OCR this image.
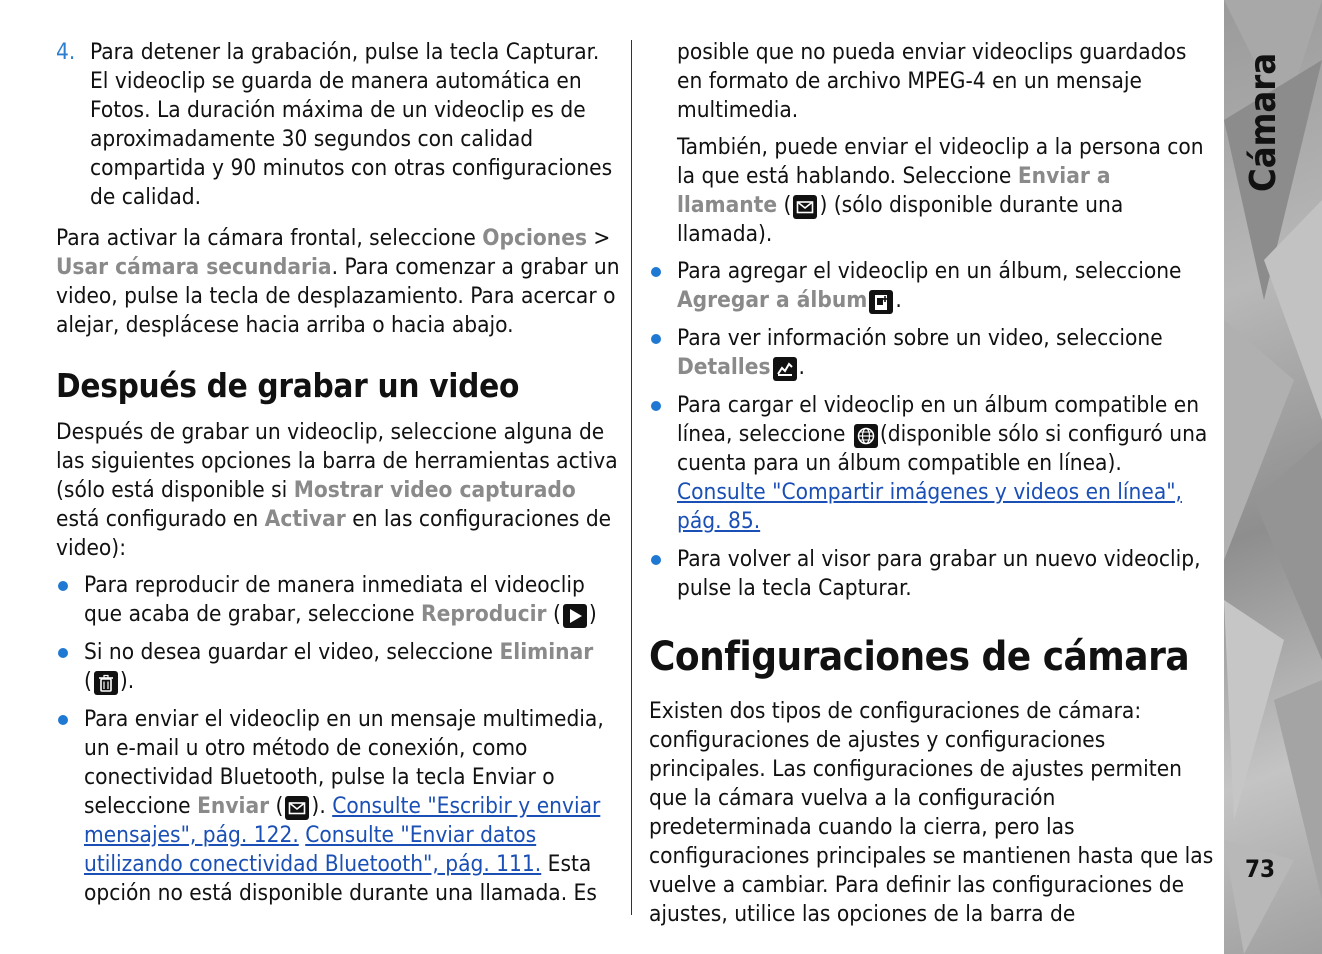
4. Para detener la grabación, pulse la tecla Capturar. El videoclip se guarda de manera automática en Fotos. La duración máxima de un videoclip es de aproximadamente 30 segundos con calidad compartida y 90 minutos con otras configuraciones de calidad.

Para activar la cámara frontal, seleccione Opciones > Usar cámara secundaria. Para comenzar a grabar un video, pulse la tecla de desplazamiento. Para acercar o alejar, desplácese hacia arriba o hacia abajo.

Después de grabar un video

Después de grabar un videoclip, seleccione alguna de las siguientes opciones la barra de herramientas activa (sólo está disponible si Mostrar video capturado está configurado en Activar en las configuraciones de video):

Para reproducir de manera inmediata el videoclip que acaba de grabar, seleccione Reproducir ( )
Si no desea guardar el video, seleccione Eliminar
( ).
Para enviar el videoclip en un mensaje multimedia, un e-mail u otro método de conexión, como conectividad Bluetooth, pulse la tecla Enviar o seleccione Enviar ( ). Consulte "Escribir y enviar mensajes", pág. 122. Consulte "Enviar datos utilizando conectividad Bluetooth", pág. 111. Esta opción no está disponible durante una llamada. Es

posible que no pueda enviar videoclips guardados en formato de archivo MPEG-4 en un mensaje multimedia.

También, puede enviar el videoclip a la persona con la que está hablando. Seleccione Enviar a llamante ( ) (sólo disponible durante una llamada).

Para agregar el videoclip en un álbum, seleccione Agregar a álbum .
Para ver información sobre un video, seleccione Detalles .
Para cargar el videoclip en un álbum compatible en línea, seleccione
(disponible sólo si configuró una cuenta para un álbum compatible en línea). Consulte "Compartir imágenes y videos en línea", pág. 85.
Para volver al visor para grabar un nuevo videoclip, pulse la tecla Capturar.
Configuraciones de cámara

Existen dos tipos de configuraciones de cámara: configuraciones de ajustes y configuraciones principales. Las configuraciones de ajustes permiten que la cámara vuelva a la configuración predeterminada cuando la cierra, pero las configuraciones principales se mantienen hasta que las vuelve a cambiar. Para definir las configuraciones de ajustes, utilice las opciones de la barra de

Cámara
73
